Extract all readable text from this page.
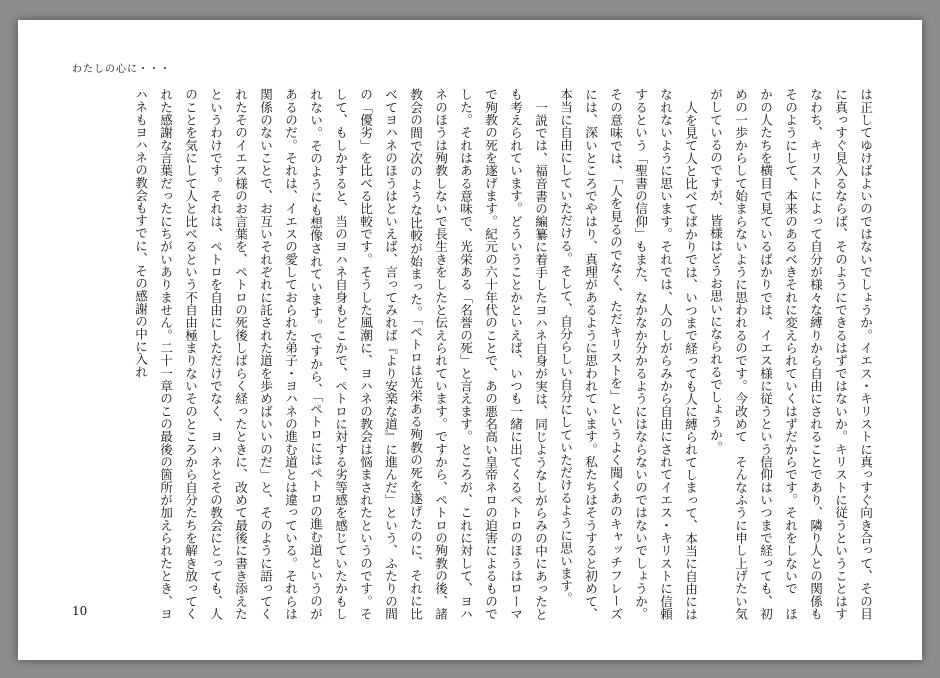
わたしの心に・・・

は正してゆけばよいのではないでしょうか。イエス・キリストに真っすぐ向き合って、その目に真っすぐ見入るならば、そのようにできるはずではないか。キリストに従うということはすなわち、キリストによって自分が様々な縛りから自由にされることであり、隣り人との関係もそのようにして、本来のあるべきそれに変えられていくはずだからです。それをしないで　ほかの人たちを横目で見ているばかりでは、イエス様に従うという信仰はいつまで経っても、初めの一歩からして始まらないように思われるのです。今改めて　そんなふうに申し上げたい気がしているのですが、皆様はどうお思いになられるでしょうか。

人を見て人と比べてばかりでは、いつまで経っても人に縛られてしまって、本当に自由にはなれないように思います。それでは、人のしがらみから自由にされてイエス・キリストに信頼するという「聖書の信仰」もまた、なかなか分かるようにはならないのではないでしょうか。その意味では、「人を見るのでなく、ただキリストを」というよく聞くあのキャッチフレーズには、深いところでやはり、真理があるように思われています。私たちはそうすると初めて、本当に自由にしていただける。そして、自分らしい自分にしていただけるように思います。

一説では、福音書の編纂に着手したヨハネ自身が実は、同じようなしがらみの中にあったとも考えられています。どういうことかといえば、いつも一緒に出てくるペトロのほうはローマで殉教の死を遂げます。紀元の六十年代のことで、あの悪名高い皇帝ネロの迫害によるものでした。それはある意味で、光栄ある「名誉の死」と言えます。ところが、これに対して、ヨハネのほうは殉教しないで長生きをしたと伝えられています。ですから、ペトロの殉教の後、諸教会の間で次のような比較が始まった。「ペトロは光栄ある殉教の死を遂げたのに、それに比べてヨハネのほうはといえば、言ってみれば『より安楽な道』に進んだ」という、ふたりの間の「優劣」を比べる比較です。そうした風潮に、ヨハネの教会は悩まされたというのです。そして、もしかすると、当のヨハネ自身もどこかで、ペトロに対する劣等感を感じていたかもしれない。そのようにも想像されています。ですから、「ペトロにはペトロの進む道というのがあるのだ。それは、イエスの愛しておられた弟子・ヨハネの進む道とは違っている。それらは関係のないことで、お互いそれぞれに託された道を歩めばいいのだ」と、そのように語ってくれたそのイエス様のお言葉を、ペトロの死後しばらく経ったときに、改めて最後に書き添えたというわけです。それは、ペトロを自由にしただけでなく、ヨハネとその教会にとっても、人のことを気にして人と比べるという不自由極まりないそのところから自分たちを解き放ってくれた感謝な言葉だったにちがいありません。二十一章のこの最後の箇所が加えられたとき、ヨハネもヨハネの教会もすでに、その感謝の中に入れ

10
